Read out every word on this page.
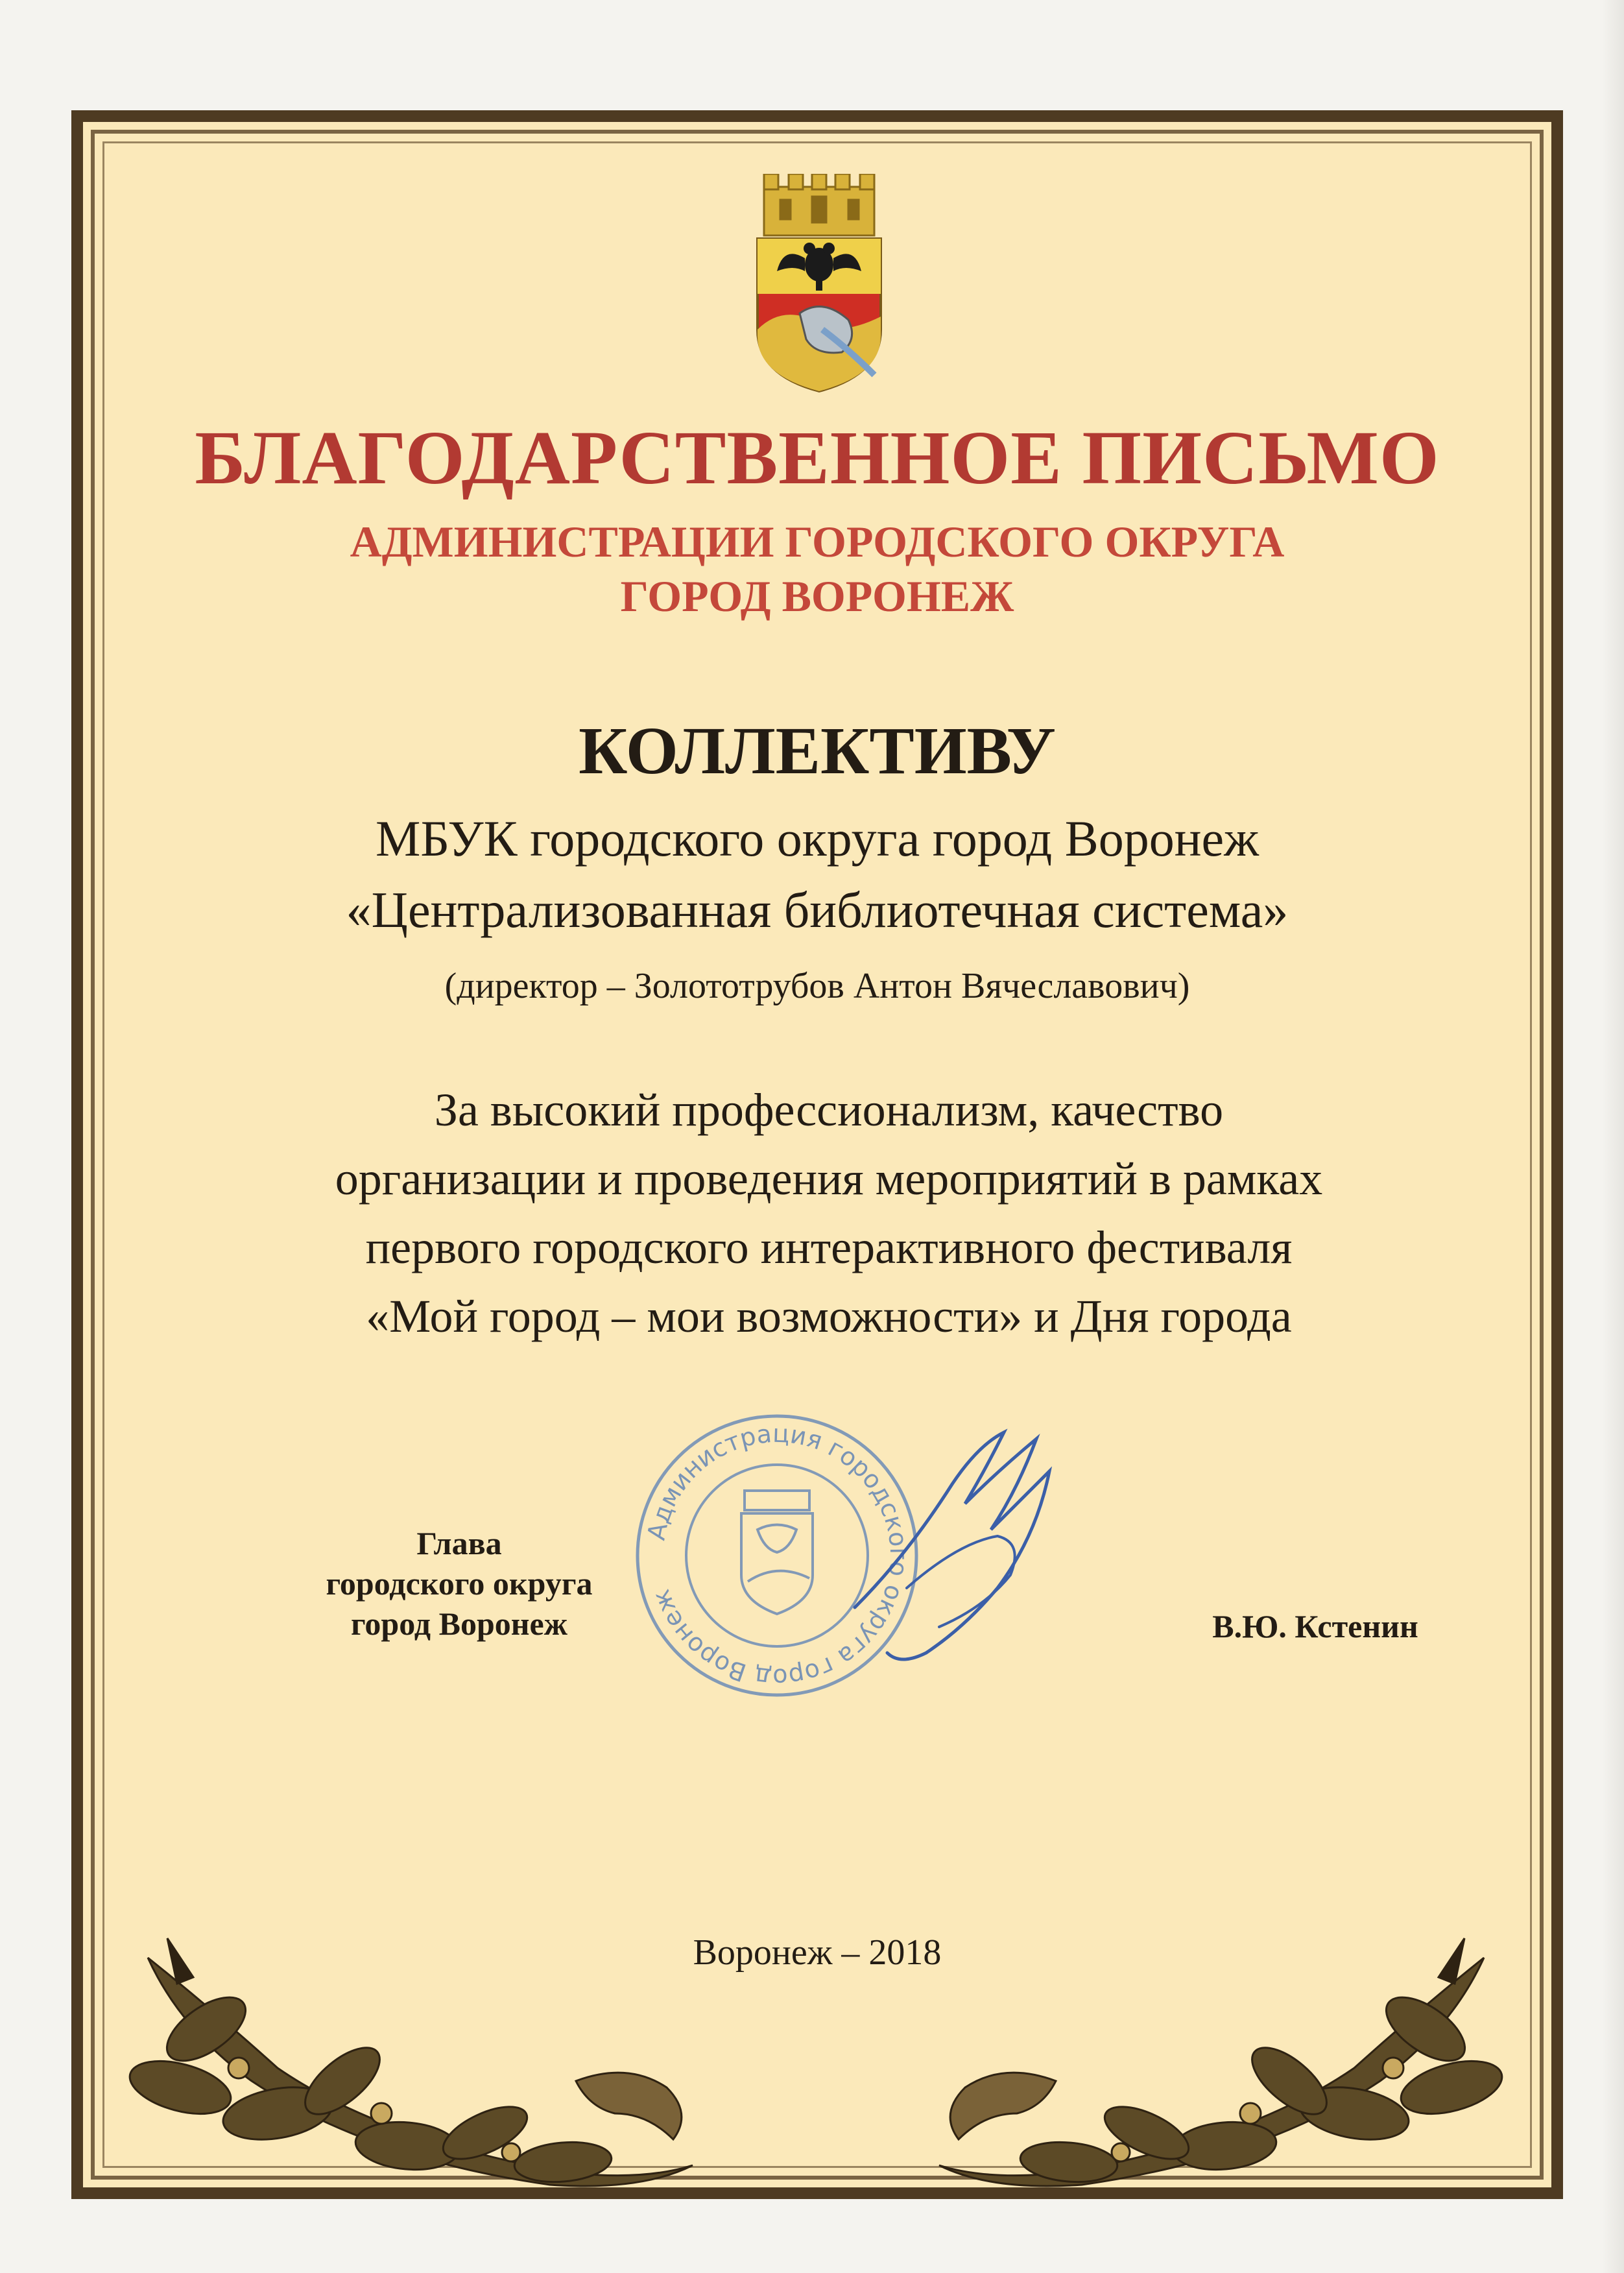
БЛАГОДАРСТВЕННОЕ ПИСЬМО
АДМИНИСТРАЦИИ ГОРОДСКОГО ОКРУГА
ГОРОД ВОРОНЕЖ
КОЛЛЕКТИВУ
МБУК городского округа город Воронеж
«Централизованная библиотечная система»
(директор – Золототрубов Антон Вячеславович)
За высокий профессионализм, качество
организации и проведения мероприятий в рамках
первого городского интерактивного фестиваля
«Мой город – мои возможности» и Дня города
Глава
городского округа
город Воронеж
Администрация городского округа город Воронеж
В.Ю. Кстенин
Воронеж – 2018
